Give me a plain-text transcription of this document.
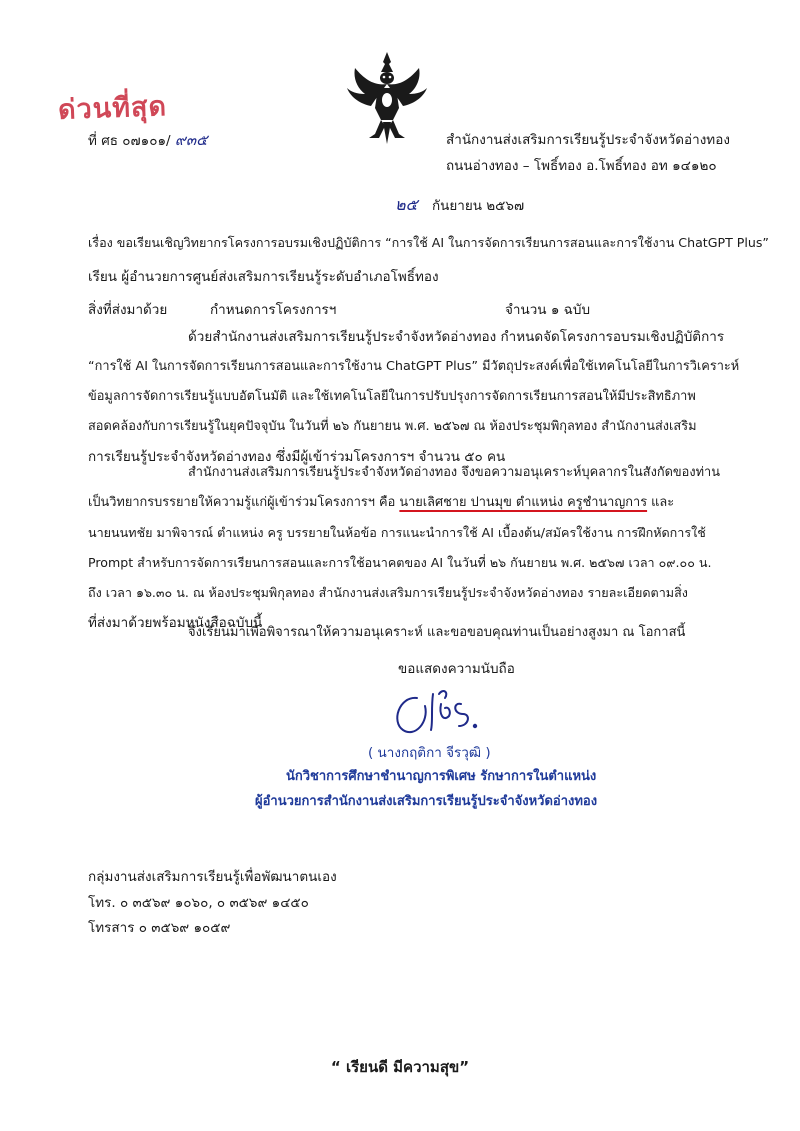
ด่วนที่สุด
ที่ ศธ ๐๗๑๐๑/ ๙๓๕	สำนักงานส่งเสริมการเรียนรู้ประจำจังหวัดอ่างทอง
ถนนอ่างทอง – โพธิ์ทอง อ.โพธิ์ทอง อท ๑๔๑๒๐
๒๕ กันยายน ๒๕๖๗
เรื่อง ขอเรียนเชิญวิทยากรโครงการอบรมเชิงปฏิบัติการ “การใช้ AI ในการจัดการเรียนการสอนและการใช้งาน ChatGPT Plus”
เรียน ผู้อำนวยการศูนย์ส่งเสริมการเรียนรู้ระดับอำเภอโพธิ์ทอง
สิ่งที่ส่งมาด้วย	กำหนดการโครงการฯ	จำนวน ๑ ฉบับ
ด้วยสำนักงานส่งเสริมการเรียนรู้ประจำจังหวัดอ่างทอง กำหนดจัดโครงการอบรมเชิงปฏิบัติการ
“การใช้ AI ในการจัดการเรียนการสอนและการใช้งาน ChatGPT Plus” มีวัตถุประสงค์เพื่อใช้เทคโนโลยีในการวิเคราะห์
ข้อมูลการจัดการเรียนรู้แบบอัตโนมัติ และใช้เทคโนโลยีในการปรับปรุงการจัดการเรียนการสอนให้มีประสิทธิภาพ
สอดคล้องกับการเรียนรู้ในยุคปัจจุบัน ในวันที่ ๒๖ กันยายน พ.ศ. ๒๕๖๗ ณ ห้องประชุมพิกุลทอง สำนักงานส่งเสริม
การเรียนรู้ประจำจังหวัดอ่างทอง ซึ่งมีผู้เข้าร่วมโครงการฯ จำนวน ๕๐ คน
สำนักงานส่งเสริมการเรียนรู้ประจำจังหวัดอ่างทอง จึงขอความอนุเคราะห์บุคลากรในสังกัดของท่าน
เป็นวิทยากรบรรยายให้ความรู้แก่ผู้เข้าร่วมโครงการฯ คือ นายเลิศชาย ปานมุข ตำแหน่ง ครูชำนาญการ และ
นายนนทชัย มาพิจารณ์ ตำแหน่ง ครู บรรยายในห้อข้อ การแนะนำการใช้ AI เบื้องต้น/สมัครใช้งาน การฝึกหัดการใช้
Prompt สำหรับการจัดการเรียนการสอนและการใช้อนาคตของ AI ในวันที่ ๒๖ กันยายน พ.ศ. ๒๕๖๗ เวลา ๐๙.๐๐ น.
ถึง เวลา ๑๖.๓๐ น. ณ ห้องประชุมพิกุลทอง สำนักงานส่งเสริมการเรียนรู้ประจำจังหวัดอ่างทอง รายละเอียดตามสิ่ง
ที่ส่งมาด้วยพร้อมหนังสือฉบับนี้
จึงเรียนมาเพื่อพิจารณาให้ความอนุเคราะห์ และขอขอบคุณท่านเป็นอย่างสูงมา ณ โอกาสนี้
ขอแสดงความนับถือ
( นางกฤติกา จีรวุฒิ )
นักวิชาการศึกษาชำนาญการพิเศษ รักษาการในตำแหน่ง
ผู้อำนวยการสำนักงานส่งเสริมการเรียนรู้ประจำจังหวัดอ่างทอง
กลุ่มงานส่งเสริมการเรียนรู้เพื่อพัฒนาตนเอง
โทร. ๐ ๓๕๖๙ ๑๐๖๐, ๐ ๓๕๖๙ ๑๔๕๐
โทรสาร ๐ ๓๕๖๙ ๑๐๕๙
“ เรียนดี มีความสุข”
